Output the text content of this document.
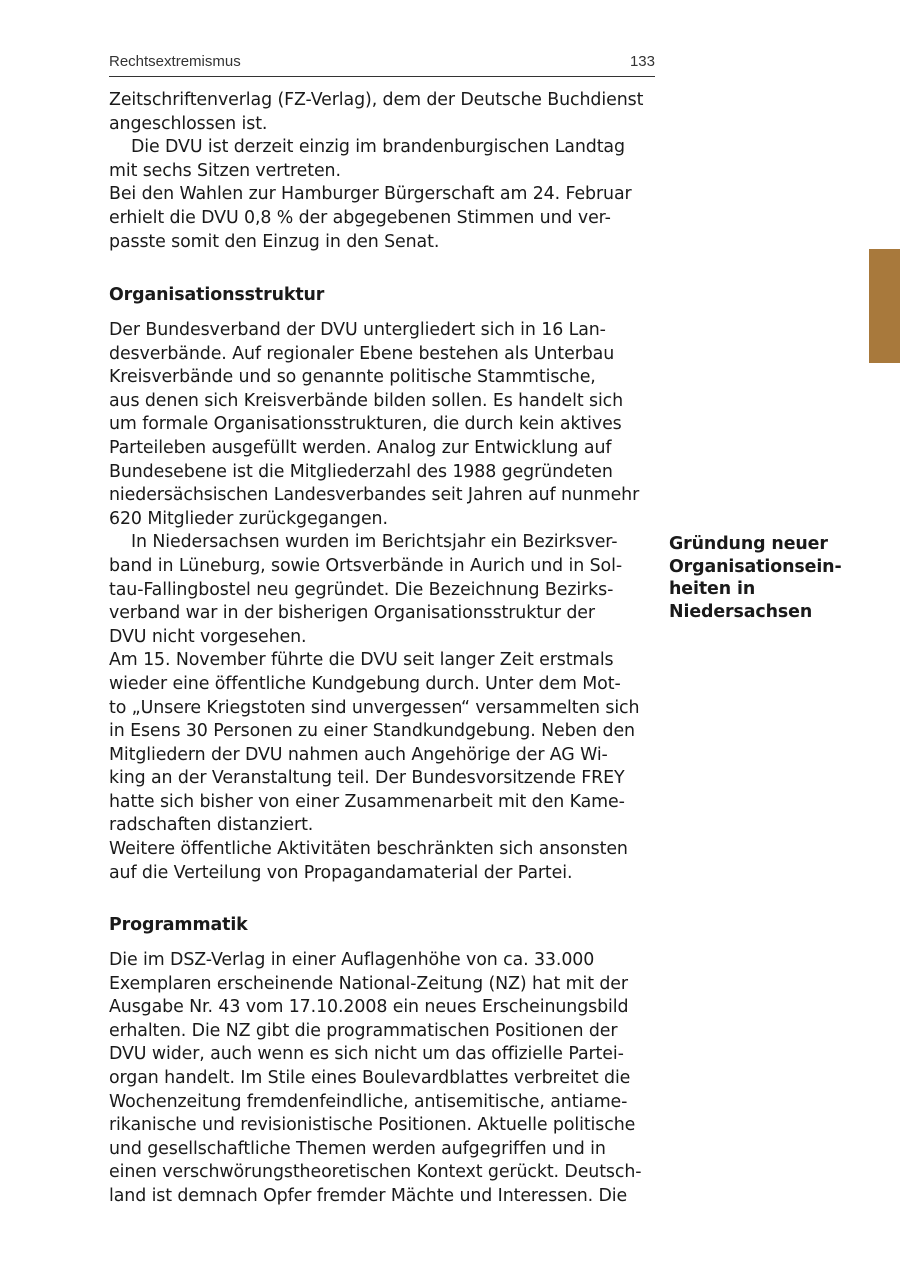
Rechtsextremismus	133
Zeitschriftenverlag (FZ-Verlag), dem der Deutsche Buchdienst
angeschlossen ist.
Die DVU ist derzeit einzig im brandenburgischen Landtag
mit sechs Sitzen vertreten.
Bei den Wahlen zur Hamburger Bürgerschaft am 24. Februar
erhielt die DVU 0,8 % der abgegebenen Stimmen und ver-
passte somit den Einzug in den Senat.
Organisationsstruktur
Der Bundesverband der DVU untergliedert sich in 16 Lan-
desverbände. Auf regionaler Ebene bestehen als Unterbau
Kreisverbände und so genannte politische Stammtische,
aus denen sich Kreisverbände bilden sollen. Es handelt sich
um formale Organisationsstrukturen, die durch kein aktives
Parteileben ausgefüllt werden. Analog zur Entwicklung auf
Bundesebene ist die Mitgliederzahl des 1988 gegründeten
niedersächsischen Landesverbandes seit Jahren auf nunmehr
620 Mitglieder zurückgegangen.
In Niedersachsen wurden im Berichtsjahr ein Bezirksver-
band in Lüneburg, sowie Ortsverbände in Aurich und in Sol-
tau-Fallingbostel neu gegründet. Die Bezeichnung Bezirks-
verband war in der bisherigen Organisationsstruktur der
DVU nicht vorgesehen.
Am 15. November führte die DVU seit langer Zeit erstmals
wieder eine öffentliche Kundgebung durch. Unter dem Mot-
to „Unsere Kriegstoten sind unvergessen“ versammelten sich
in Esens 30 Personen zu einer Standkundgebung. Neben den
Mitgliedern der DVU nahmen auch Angehörige der AG Wi-
king an der Veranstaltung teil. Der Bundesvorsitzende FREY
hatte sich bisher von einer Zusammenarbeit mit den Kame-
radschaften distanziert.
Weitere öffentliche Aktivitäten beschränkten sich ansonsten
auf die Verteilung von Propagandamaterial der Partei.
Gründung neuer
Organisationsein-
heiten in
Niedersachsen
Programmatik
Die im DSZ-Verlag in einer Auflagenhöhe von ca. 33.000
Exemplaren erscheinende National-Zeitung (NZ) hat mit der
Ausgabe Nr. 43 vom 17.10.2008 ein neues Erscheinungsbild
erhalten. Die NZ gibt die programmatischen Positionen der
DVU wider, auch wenn es sich nicht um das offizielle Partei-
organ handelt. Im Stile eines Boulevardblattes verbreitet die
Wochenzeitung fremdenfeindliche, antisemitische, antiame-
rikanische und revisionistische Positionen. Aktuelle politische
und gesellschaftliche Themen werden aufgegriffen und in
einen verschwörungstheoretischen Kontext gerückt. Deutsch-
land ist demnach Opfer fremder Mächte und Interessen. Die
